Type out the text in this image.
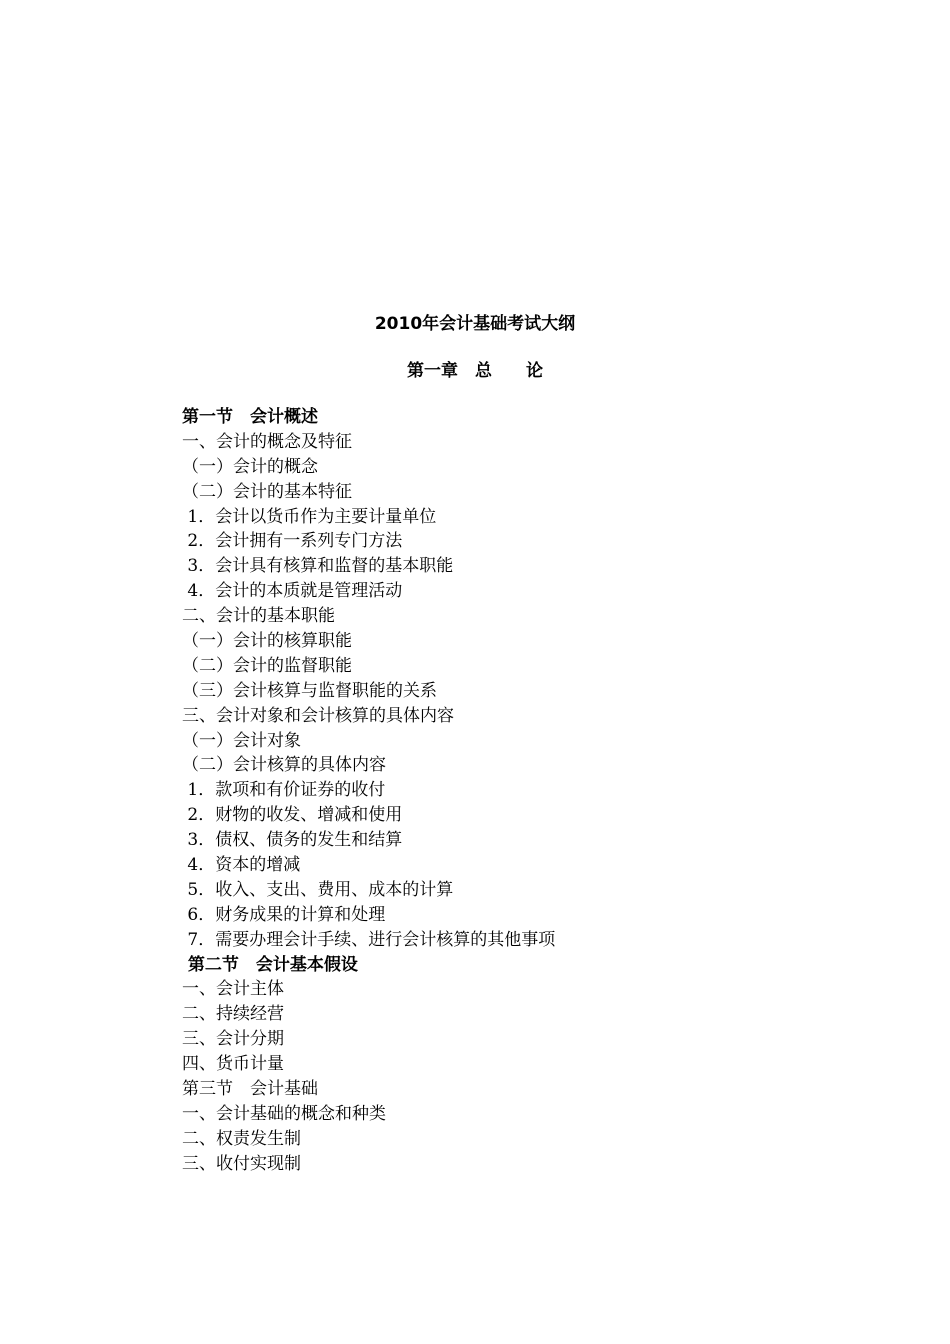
2010年会计基础考试大纲
第一章　总　　论
第一节　会计概述
一、会计的概念及特征
（一）会计的概念
（二）会计的基本特征
1．会计以货币作为主要计量单位
2．会计拥有一系列专门方法
3．会计具有核算和监督的基本职能
4．会计的本质就是管理活动
二、会计的基本职能
（一）会计的核算职能
（二）会计的监督职能
（三）会计核算与监督职能的关系
三、会计对象和会计核算的具体内容
（一）会计对象
（二）会计核算的具体内容
1．款项和有价证券的收付
2．财物的收发、增减和使用
3．债权、债务的发生和结算
4．资本的增减
5．收入、支出、费用、成本的计算
6．财务成果的计算和处理
7．需要办理会计手续、进行会计核算的其他事项
第二节　会计基本假设
一、会计主体
二、持续经营
三、会计分期
四、货币计量
第三节　会计基础
一、会计基础的概念和种类
二、权责发生制
三、收付实现制
